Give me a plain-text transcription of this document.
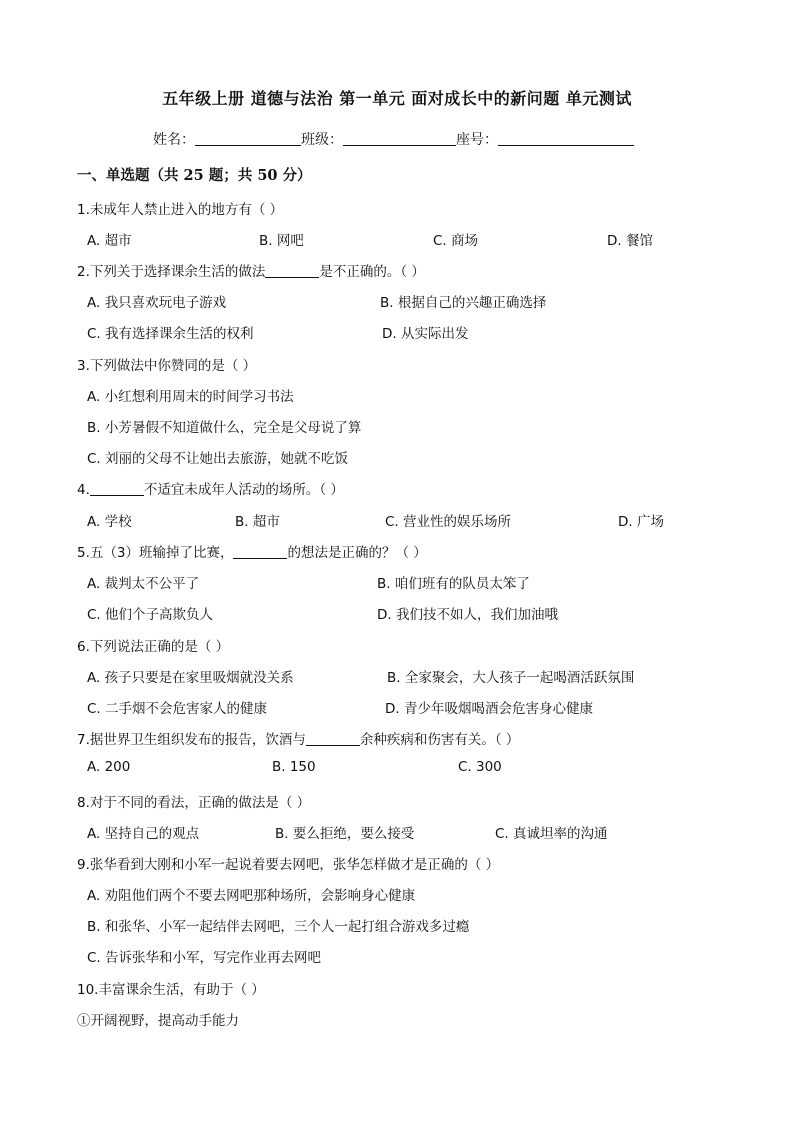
五年级上册 道德与法治 第一单元 面对成长中的新问题 单元测试
姓名：	班级：	座号：
一、单选题（共 25 题；共 50 分）
1.未成年人禁止进入的地方有（ ）
A. 超市	B. 网吧	C. 商场	D. 餐馆
2.下列关于选择课余生活的做法	是不正确的。（ ）
A. 我只喜欢玩电子游戏	B. 根据自己的兴趣正确选择
C. 我有选择课余生活的权利	D. 从实际出发
3.下列做法中你赞同的是（ ）
A. 小红想利用周末的时间学习书法
B. 小芳暑假不知道做什么，完全是父母说了算
C. 刘丽的父母不让她出去旅游，她就不吃饭
4.	不适宜未成年人活动的场所。（ ）
A. 学校	B. 超市	C. 营业性的娱乐场所	D. 广场
5.五（3）班输掉了比赛，	的想法是正确的？（ ）
A. 裁判太不公平了	B. 咱们班有的队员太笨了
C. 他们个子高欺负人	D. 我们技不如人，我们加油哦
6.下列说法正确的是（ ）
A. 孩子只要是在家里吸烟就没关系	B. 全家聚会，大人孩子一起喝酒活跃氛围
C. 二手烟不会危害家人的健康	D. 青少年吸烟喝酒会危害身心健康
7.据世界卫生组织发布的报告，饮酒与	余种疾病和伤害有关。（ ）
A. 200	B. 150	C. 300
8.对于不同的看法，正确的做法是（ ）
A. 坚持自己的观点	B. 要么拒绝，要么接受	C. 真诚坦率的沟通
9.张华看到大刚和小军一起说着要去网吧，张华怎样做才是正确的（ ）
A. 劝阻他们两个不要去网吧那种场所，会影响身心健康
B. 和张华、小军一起结伴去网吧，三个人一起打组合游戏多过瘾
C. 告诉张华和小军，写完作业再去网吧
10.丰富课余生活，有助于（ ）
①开阔视野，提高动手能力
